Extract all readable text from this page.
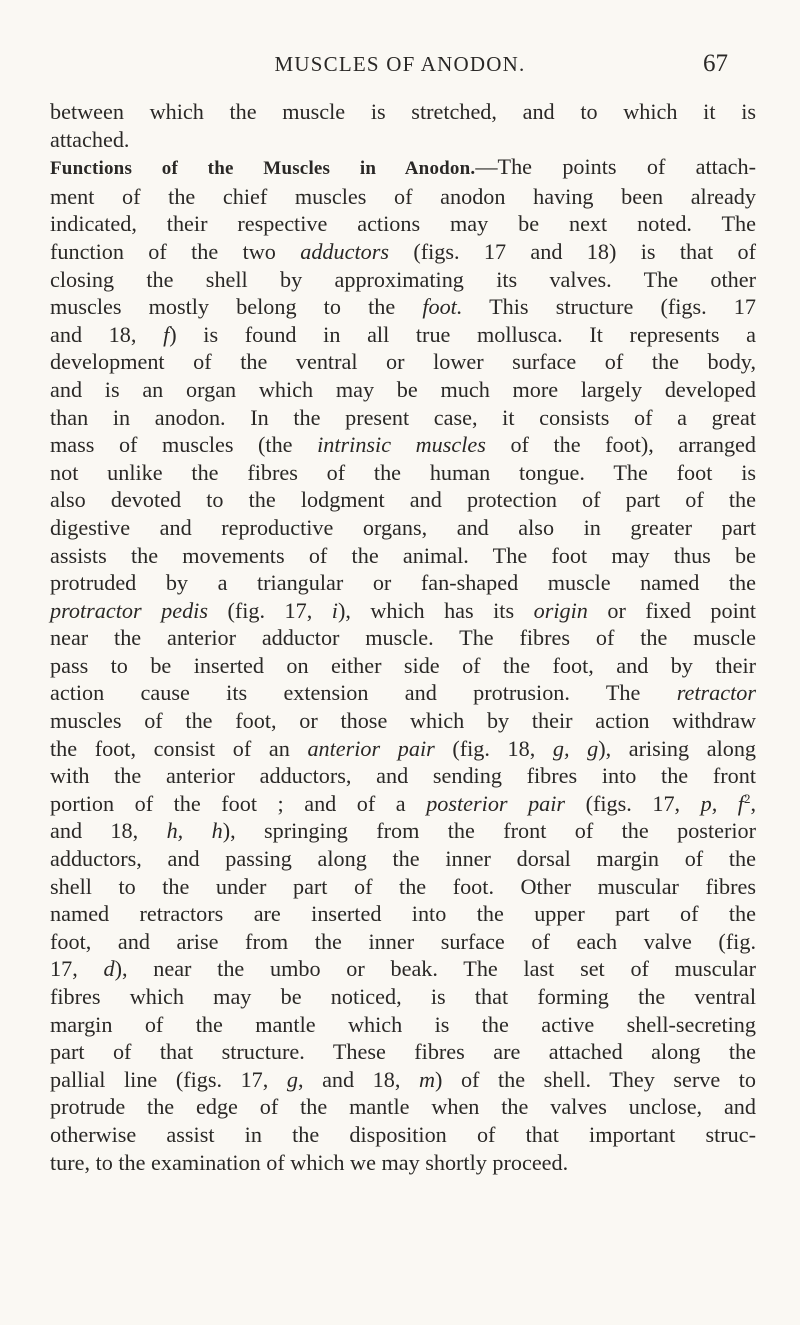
MUSCLES OF ANODON.	67
between which the muscle is stretched, and to which it is
attached.
Functions of the Muscles in Anodon.—The points of attach-
ment of the chief muscles of anodon having been already
indicated, their respective actions may be next noted. The
function of the two adductors (figs. 17 and 18) is that of
closing the shell by approximating its valves. The other
muscles mostly belong to the foot. This structure (figs. 17
and 18, f) is found in all true mollusca. It represents a
development of the ventral or lower surface of the body,
and is an organ which may be much more largely developed
than in anodon. In the present case, it consists of a great
mass of muscles (the intrinsic muscles of the foot), arranged
not unlike the fibres of the human tongue. The foot is
also devoted to the lodgment and protection of part of the
digestive and reproductive organs, and also in greater part
assists the movements of the animal. The foot may thus be
protruded by a triangular or fan-shaped muscle named the
protractor pedis (fig. 17, i), which has its origin or fixed point
near the anterior adductor muscle. The fibres of the muscle
pass to be inserted on either side of the foot, and by their
action cause its extension and protrusion. The retractor
muscles of the foot, or those which by their action withdraw
the foot, consist of an anterior pair (fig. 18, g, g), arising along
with the anterior adductors, and sending fibres into the front
portion of the foot ; and of a posterior pair (figs. 17, p, $f^2$,
and 18, h, h), springing from the front of the posterior
adductors, and passing along the inner dorsal margin of the
shell to the under part of the foot. Other muscular fibres
named retractors are inserted into the upper part of the
foot, and arise from the inner surface of each valve (fig.
17, d), near the umbo or beak. The last set of muscular
fibres which may be noticed, is that forming the ventral
margin of the mantle which is the active shell-secreting
part of that structure. These fibres are attached along the
pallial line (figs. 17, g, and 18, m) of the shell. They serve to
protrude the edge of the mantle when the valves unclose, and
otherwise assist in the disposition of that important struc-
ture, to the examination of which we may shortly proceed.
